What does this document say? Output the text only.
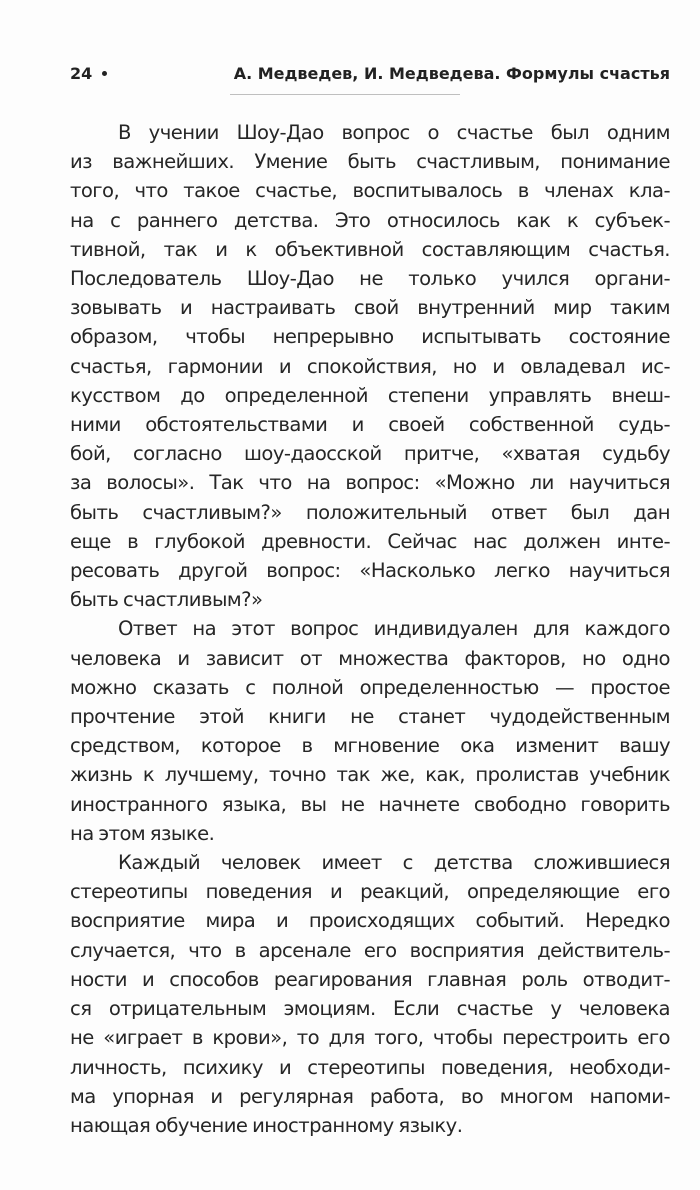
24	А. Медведев, И. Медведева. Формулы счастья
В учении Шоу-Дао вопрос о счастье был одним
из важнейших. Умение быть счастливым, понимание
того, что такое счастье, воспитывалось в членах кла-
на с раннего детства. Это относилось как к субъек-
тивной, так и к объективной составляющим счастья.
Последователь Шоу-Дао не только учился органи-
зовывать и настраивать свой внутренний мир таким
образом, чтобы непрерывно испытывать состояние
счастья, гармонии и спокойствия, но и овладевал ис-
кусством до определенной степени управлять внеш-
ними обстоятельствами и своей собственной судь-
бой, согласно шоу-даосской притче, «хватая судьбу
за волосы». Так что на вопрос: «Можно ли научиться
быть счастливым?» положительный ответ был дан
еще в глубокой древности. Сейчас нас должен инте-
ресовать другой вопрос: «Насколько легко научиться
быть счастливым?»
Ответ на этот вопрос индивидуален для каждого
человека и зависит от множества факторов, но одно
можно сказать с полной определенностью — простое
прочтение этой книги не станет чудодейственным
средством, которое в мгновение ока изменит вашу
жизнь к лучшему, точно так же, как, пролистав учебник
иностранного языка, вы не начнете свободно говорить
на этом языке.
Каждый человек имеет с детства сложившиеся
стереотипы поведения и реакций, определяющие его
восприятие мира и происходящих событий. Нередко
случается, что в арсенале его восприятия действитель-
ности и способов реагирования главная роль отводит-
ся отрицательным эмоциям. Если счастье у человека
не «играет в крови», то для того, чтобы перестроить его
личность, психику и стереотипы поведения, необходи-
ма упорная и регулярная работа, во многом напоми-
нающая обучение иностранному языку.
